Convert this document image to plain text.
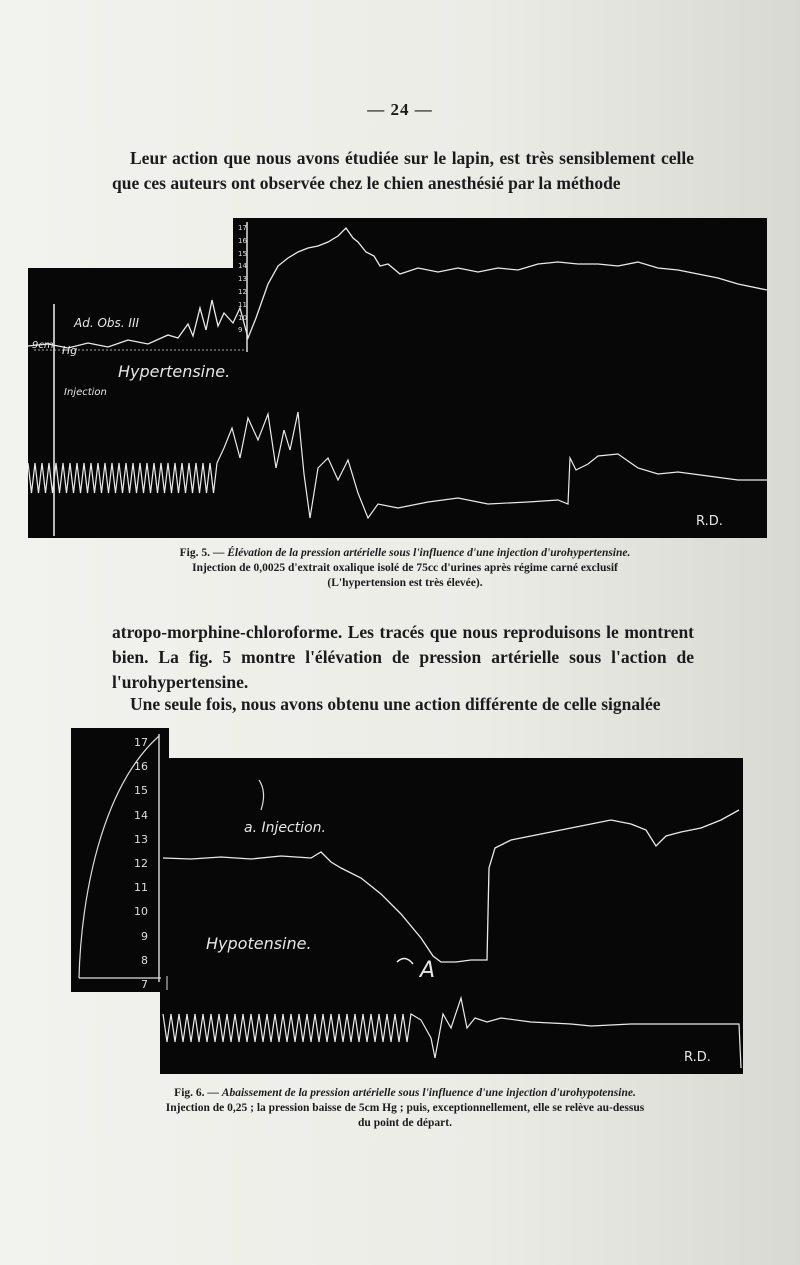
— 24 —
Leur action que nous avons étudiée sur le lapin, est très sensiblement celle que ces auteurs ont observée chez le chien anesthésié par la méthode
17
16
15
14
13
12
11
10
9
Ad. Obs. III
9cm Hg
Hypertensine.
Injection
R.D.
Fig. 5. — Élévation de la pression artérielle sous l'influence d'une injection d'urohypertensine.
Injection de 0,0025 d'extrait oxalique isolé de 75cc d'urines après régime carné exclusif
(L'hypertension est très élevée).
atropo-morphine-chloroforme. Les tracés que nous reproduisons le montrent bien. La fig. 5 montre l'élévation de pression artérielle sous l'action de l'urohypertensine.
Une seule fois, nous avons obtenu une action différente de celle signalée
17
16
15
14
13
12
11
10
9
8
7
a. Injection.
Hypotensine.
A
R.D.
Fig. 6. — Abaissement de la pression artérielle sous l'influence d'une injection d'urohypotensine.
Injection de 0,25 ; la pression baisse de 5cm Hg ; puis, exceptionnellement, elle se relève au-dessus
du point de départ.
